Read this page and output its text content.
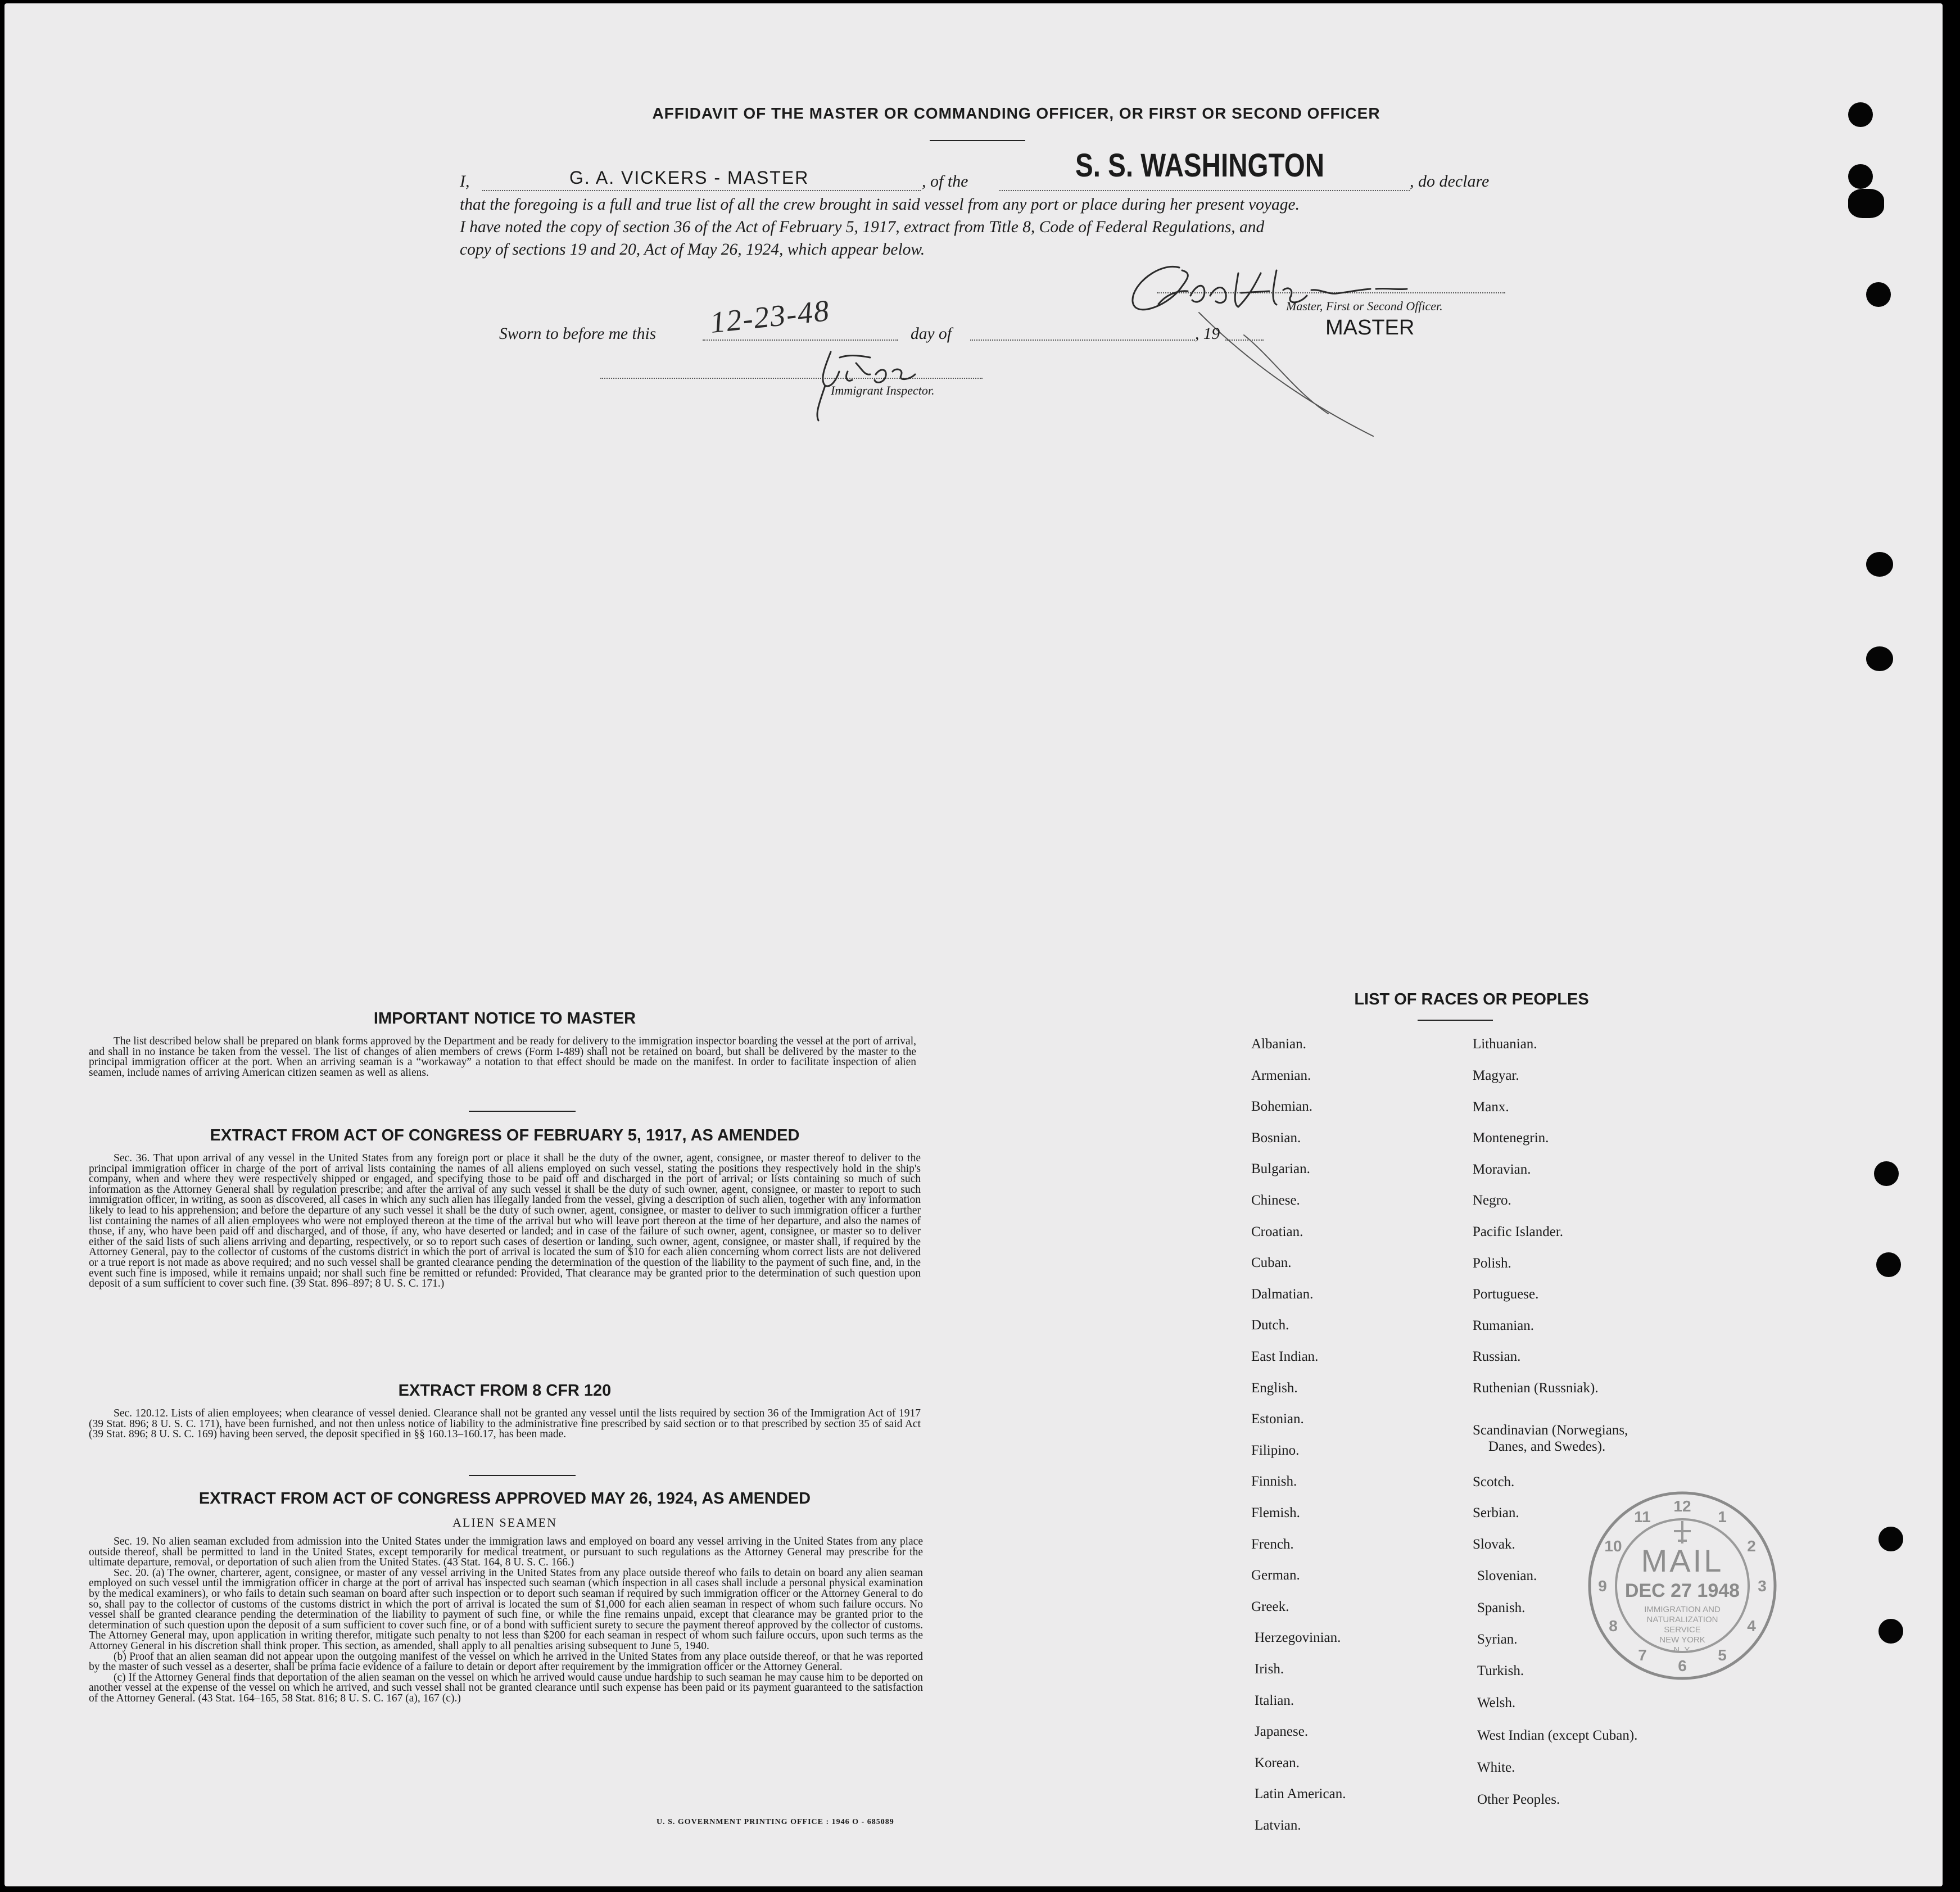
AFFIDAVIT OF THE MASTER OR COMMANDING OFFICER, OR FIRST OR SECOND OFFICER
I,	G. A. VICKERS - MASTER	, of the	S. S. WASHINGTON	, do declare
that the foregoing is a full and true list of all the crew brought in said vessel from any port or place during her present voyage.
I have noted the copy of section 36 of the Act of February 5, 1917, extract from Title 8, Code of Federal Regulations, and
copy of sections 19 and 20, Act of May 26, 1924, which appear below.
Master, First or Second Officer.
MASTER
Sworn to before me this 12-23-48	day of	, 19
Immigrant Inspector.
IMPORTANT NOTICE TO MASTER
The list described below shall be prepared on blank forms approved by the Department and be ready for delivery to the immigration inspector boarding the vessel at the port of arrival, and shall in no instance be taken from the vessel. The list of changes of alien members of crews (Form I-489) shall not be retained on board, but shall be delivered by the master to the principal immigration officer at the port. When an arriving seaman is a “workaway” a notation to that effect should be made on the manifest. In order to facilitate inspection of alien seamen, include names of arriving American citizen seamen as well as aliens.
EXTRACT FROM ACT OF CONGRESS OF FEBRUARY 5, 1917, AS AMENDED
Sec. 36. That upon arrival of any vessel in the United States from any foreign port or place it shall be the duty of the owner, agent, consignee, or master thereof to deliver to the principal immigration officer in charge of the port of arrival lists containing the names of all aliens employed on such vessel, stating the positions they respectively hold in the ship's company, when and where they were respectively shipped or engaged, and specifying those to be paid off and discharged in the port of arrival; or lists containing so much of such information as the Attorney General shall by regulation prescribe; and after the arrival of any such vessel it shall be the duty of such owner, agent, consignee, or master to report to such immigration officer, in writing, as soon as discovered, all cases in which any such alien has illegally landed from the vessel, giving a description of such alien, together with any information likely to lead to his apprehension; and before the departure of any such vessel it shall be the duty of such owner, agent, consignee, or master to deliver to such immigration officer a further list containing the names of all alien employees who were not employed thereon at the time of the arrival but who will leave port thereon at the time of her departure, and also the names of those, if any, who have been paid off and discharged, and of those, if any, who have deserted or landed; and in case of the failure of such owner, agent, consignee, or master so to deliver either of the said lists of such aliens arriving and departing, respectively, or so to report such cases of desertion or landing, such owner, agent, consignee, or master shall, if required by the Attorney General, pay to the collector of customs of the customs district in which the port of arrival is located the sum of $10 for each alien concerning whom correct lists are not delivered or a true report is not made as above required; and no such vessel shall be granted clearance pending the determination of the question of the liability to the payment of such fine, and, in the event such fine is imposed, while it remains unpaid; nor shall such fine be remitted or refunded: Provided, That clearance may be granted prior to the determination of such question upon deposit of a sum sufficient to cover such fine. (39 Stat. 896–897; 8 U. S. C. 171.)
EXTRACT FROM 8 CFR 120
Sec. 120.12. Lists of alien employees; when clearance of vessel denied. Clearance shall not be granted any vessel until the lists required by section 36 of the Immigration Act of 1917 (39 Stat. 896; 8 U. S. C. 171), have been furnished, and not then unless notice of liability to the administrative fine prescribed by said section or to that prescribed by section 35 of said Act (39 Stat. 896; 8 U. S. C. 169) having been served, the deposit specified in §§ 160.13–160.17, has been made.
EXTRACT FROM ACT OF CONGRESS APPROVED MAY 26, 1924, AS AMENDED
ALIEN SEAMEN
Sec. 19. No alien seaman excluded from admission into the United States under the immigration laws and employed on board any vessel arriving in the United States from any place outside thereof, shall be permitted to land in the United States, except temporarily for medical treatment, or pursuant to such regulations as the Attorney General may prescribe for the ultimate departure, removal, or deportation of such alien from the United States. (43 Stat. 164, 8 U. S. C. 166.)
Sec. 20. (a) The owner, charterer, agent, consignee, or master of any vessel arriving in the United States from any place outside thereof who fails to detain on board any alien seaman employed on such vessel until the immigration officer in charge at the port of arrival has inspected such seaman (which inspection in all cases shall include a personal physical examination by the medical examiners), or who fails to detain such seaman on board after such inspection or to deport such seaman if required by such immigration officer or the Attorney General to do so, shall pay to the collector of customs of the customs district in which the port of arrival is located the sum of $1,000 for each alien seaman in respect of whom such failure occurs. No vessel shall be granted clearance pending the determination of the liability to payment of such fine, or while the fine remains unpaid, except that clearance may be granted prior to the determination of such question upon the deposit of a sum sufficient to cover such fine, or of a bond with sufficient surety to secure the payment thereof approved by the collector of customs. The Attorney General may, upon application in writing therefor, mitigate such penalty to not less than $200 for each seaman in respect of whom such failure occurs, upon such terms as the Attorney General in his discretion shall think proper. This section, as amended, shall apply to all penalties arising subsequent to June 5, 1940.
(b) Proof that an alien seaman did not appear upon the outgoing manifest of the vessel on which he arrived in the United States from any place outside thereof, or that he was reported by the master of such vessel as a deserter, shall be prima facie evidence of a failure to detain or deport after requirement by the immigration officer or the Attorney General.
(c) If the Attorney General finds that deportation of the alien seaman on the vessel on which he arrived would cause undue hardship to such seaman he may cause him to be deported on another vessel at the expense of the vessel on which he arrived, and such vessel shall not be granted clearance until such expense has been paid or its payment guaranteed to the satisfaction of the Attorney General. (43 Stat. 164–165, 58 Stat. 816; 8 U. S. C. 167 (a), 167 (c).)
U. S. GOVERNMENT PRINTING OFFICE : 1946 O - 685089
LIST OF RACES OR PEOPLES
MAIL
DEC 27 1948
IMMIGRATION AND
NATURALIZATION
SERVICE
NEW YORK
N. Y.
12
1
2
3
4
5
6
7
8
9
10
11
Albanian.
Armenian.
Bohemian.
Bosnian.
Bulgarian.
Chinese.
Croatian.
Cuban.
Dalmatian.
Dutch.
East Indian.
English.
Estonian.
Filipino.
Finnish.
Flemish.
French.
German.
Greek.
Herzegovinian.
Irish.
Italian.
Japanese.
Korean.
Latin American.
Latvian.
Lithuanian.
Magyar.
Manx.
Montenegrin.
Moravian.
Negro.
Pacific Islander.
Polish.
Portuguese.
Rumanian.
Russian.
Ruthenian (Russniak).
Scandinavian (Norwegians,
Danes, and Swedes).
Scotch.
Serbian.
Slovak.
Slovenian.
Spanish.
Syrian.
Turkish.
Welsh.
West Indian (except Cuban).
White.
Other Peoples.
